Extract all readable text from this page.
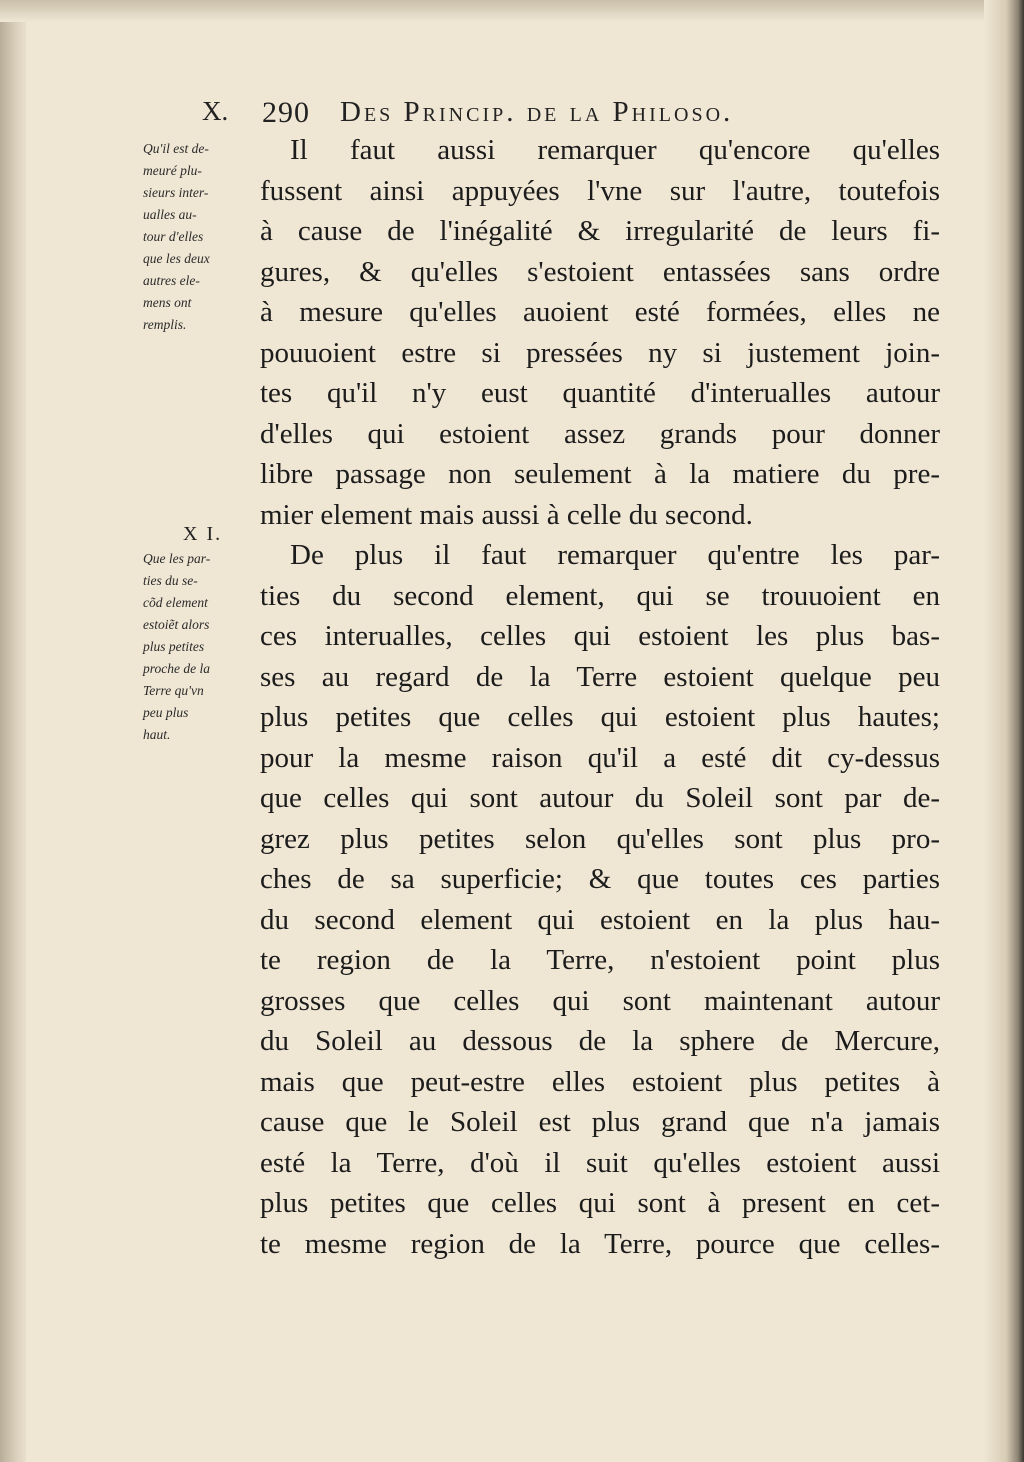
X. 290 Des Princip. de la Philoso.
Qu'il est de-
meuré plu-
sieurs inter-
ualles au-
tour d'elles
que les deux
autres ele-
mens ont
remplis.
X I.
Que les par-
ties du se-
cõd element
estoiẽt alors
plus petites
proche de la
Terre qu'vn
peu plus
haut.
Il faut aussi remarquer qu'encore qu'elles
fussent ainsi appuyées l'vne sur l'autre, toutefois
à cause de l'inégalité & irregularité de leurs fi-
gures, & qu'elles s'estoient entassées sans ordre
à mesure qu'elles auoient esté formées, elles ne
pouuoient estre si pressées ny si justement join-
tes qu'il n'y eust quantité d'interualles autour
d'elles qui estoient assez grands pour donner
libre passage non seulement à la matiere du pre-
mier element mais aussi à celle du second.
De plus il faut remarquer qu'entre les par-
ties du second element, qui se trouuoient en
ces interualles, celles qui estoient les plus bas-
ses au regard de la Terre estoient quelque peu
plus petites que celles qui estoient plus hautes;
pour la mesme raison qu'il a esté dit cy-dessus
que celles qui sont autour du Soleil sont par de-
grez plus petites selon qu'elles sont plus pro-
ches de sa superficie; & que toutes ces parties
du second element qui estoient en la plus hau-
te region de la Terre, n'estoient point plus
grosses que celles qui sont maintenant autour
du Soleil au dessous de la sphere de Mercure,
mais que peut-estre elles estoient plus petites à
cause que le Soleil est plus grand que n'a jamais
esté la Terre, d'où il suit qu'elles estoient aussi
plus petites que celles qui sont à present en cet-
te mesme region de la Terre, pource que celles-
